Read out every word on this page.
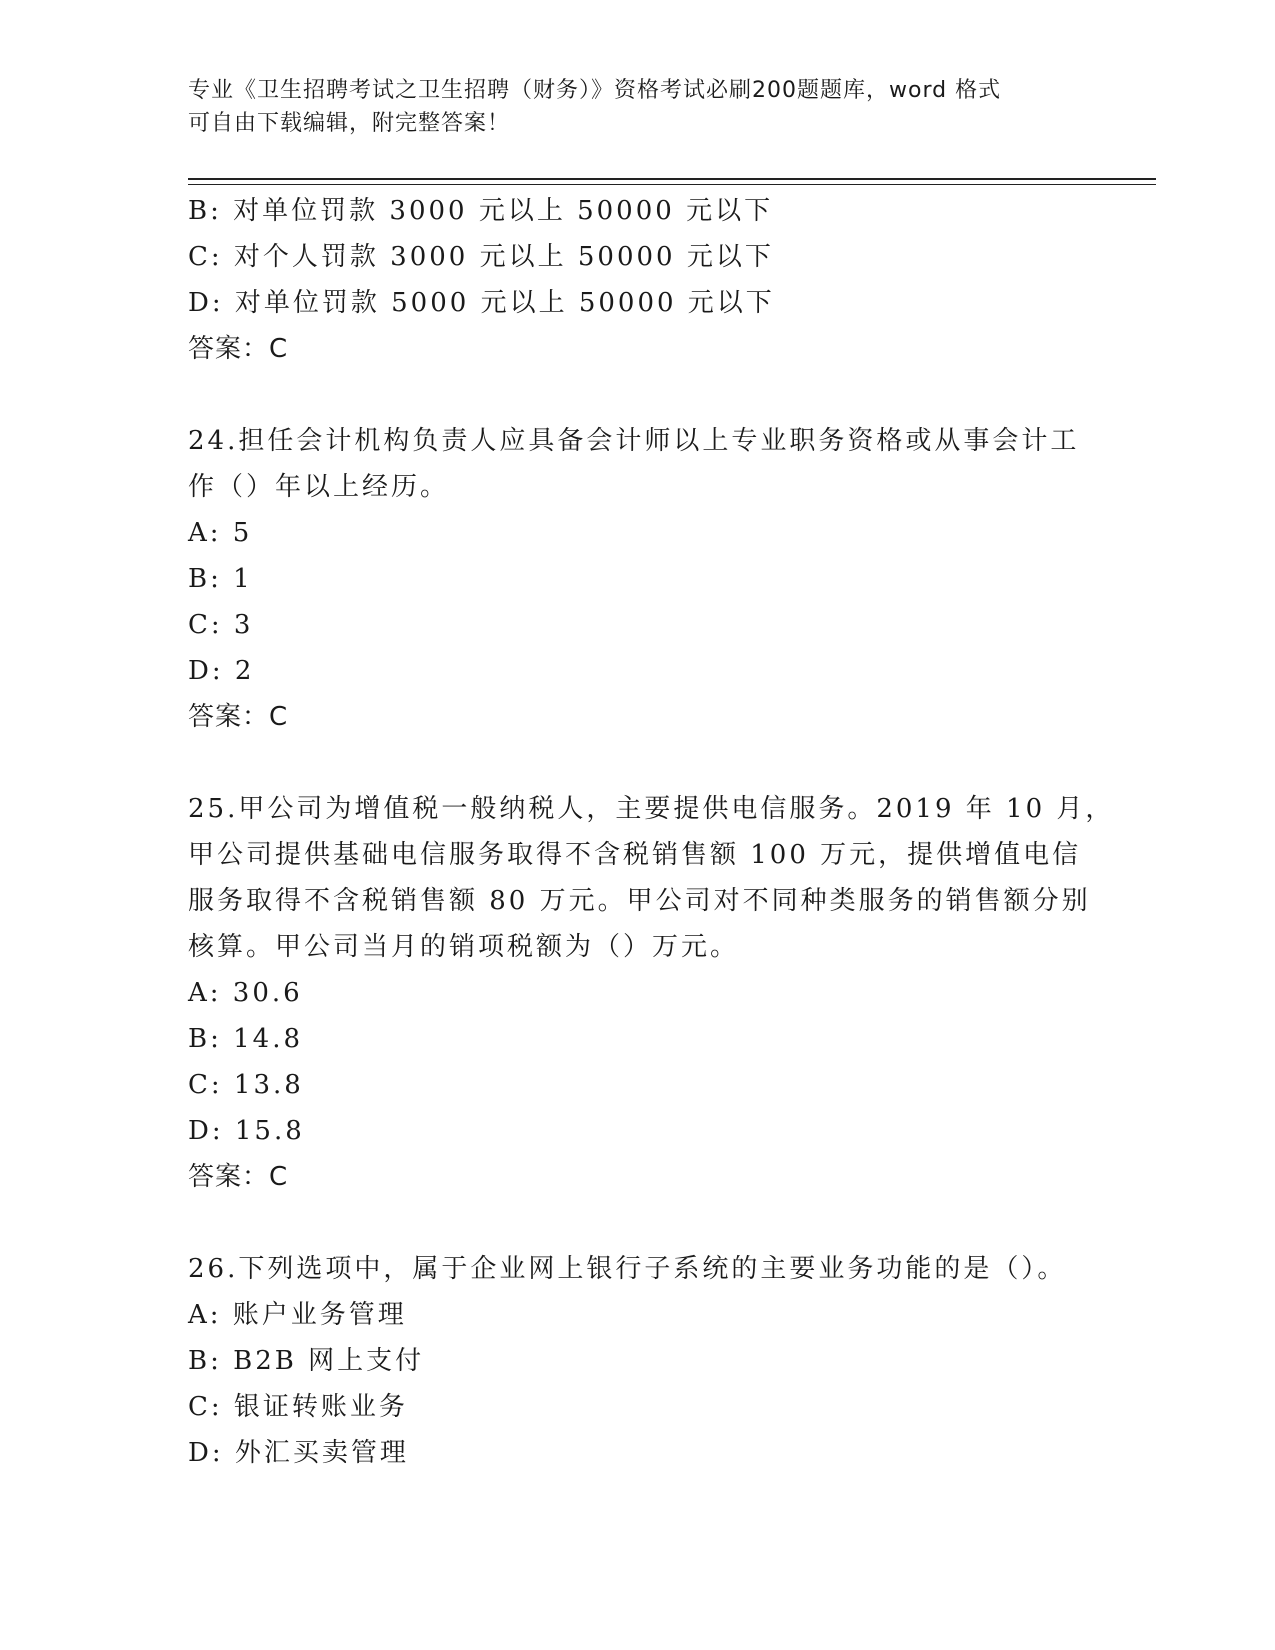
专业《卫生招聘考试之卫生招聘（财务）》资格考试必刷200题题库，word 格式
可自由下载编辑，附完整答案！

B: 对单位罚款 3000 元以上 50000 元以下

C: 对个人罚款 3000 元以上 50000 元以下

D: 对单位罚款 5000 元以上 50000 元以下

答案：C

24.担任会计机构负责人应具备会计师以上专业职务资格或从事会计工

作（）年以上经历。

A: 5

B: 1

C: 3

D: 2

答案：C

25.甲公司为增值税一般纳税人，主要提供电信服务。2019 年 10 月，

甲公司提供基础电信服务取得不含税销售额 100 万元，提供增值电信

服务取得不含税销售额 80 万元。甲公司对不同种类服务的销售额分别

核算。甲公司当月的销项税额为（）万元。

A: 30.6

B: 14.8

C: 13.8

D: 15.8

答案：C

26.下列选项中，属于企业网上银行子系统的主要业务功能的是（）。

A: 账户业务管理

B: B2B 网上支付

C: 银证转账业务

D: 外汇买卖管理
